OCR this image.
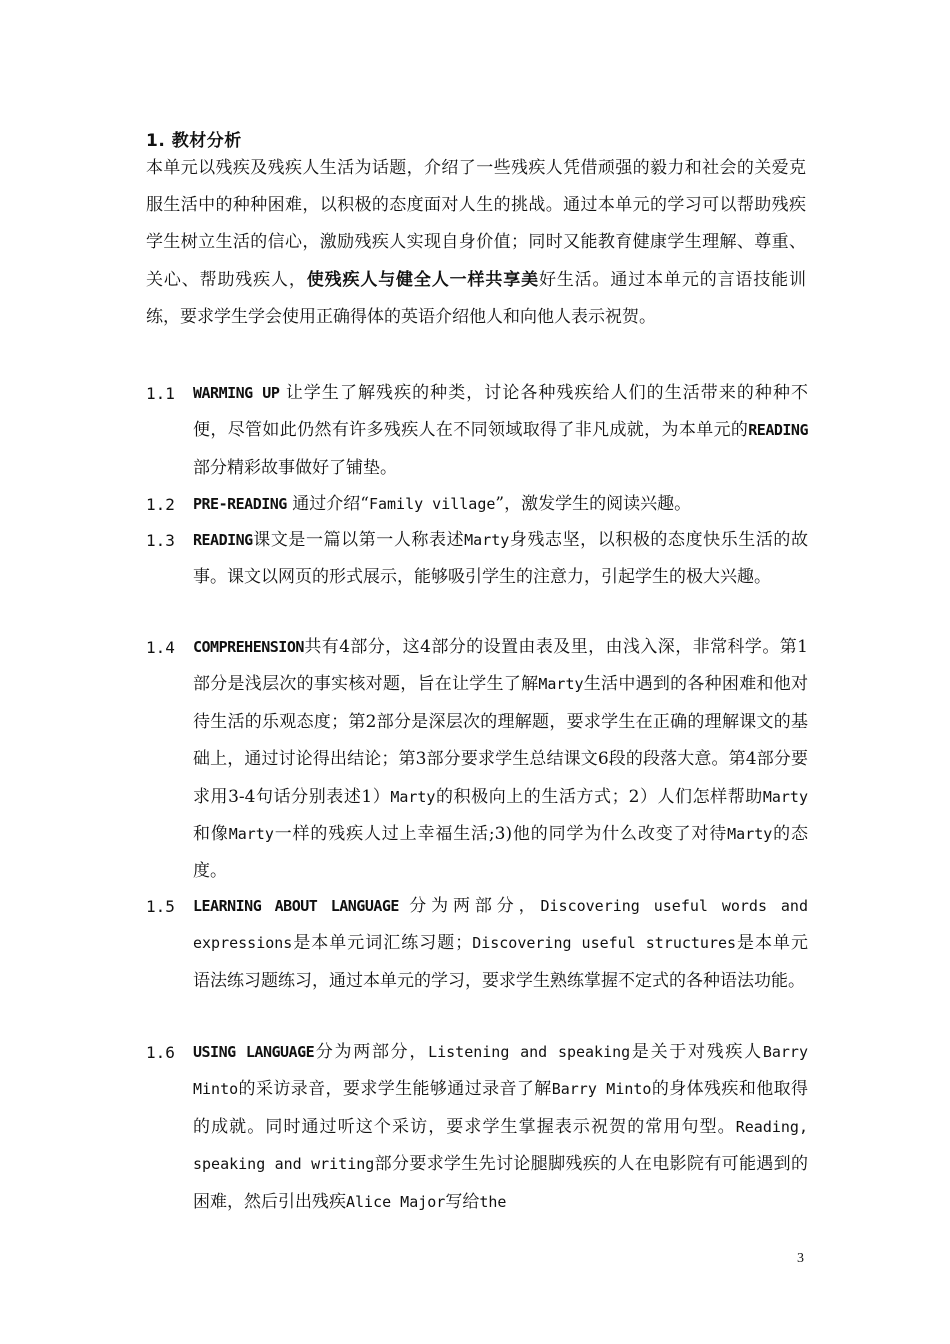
1. 教材分析
本单元以残疾及残疾人生活为话题，介绍了一些残疾人凭借顽强的毅力和社会的关爱克服生活中的种种困难，以积极的态度面对人生的挑战。通过本单元的学习可以帮助残疾学生树立生活的信心，激励残疾人实现自身价值；同时又能教育健康学生理解、尊重、关心、帮助残疾人，使残疾人与健全人一样共享美好生活。通过本单元的言语技能训练，要求学生学会使用正确得体的英语介绍他人和向他人表示祝贺。
1.1 WARMING UP 让学生了解残疾的种类，讨论各种残疾给人们的生活带来的种种不便，尽管如此仍然有许多残疾人在不同领域取得了非凡成就，为本单元的READING部分精彩故事做好了铺垫。
1.2 PRE-READING 通过介绍“Family village”，激发学生的阅读兴趣。
1.3 READING课文是一篇以第一人称表述Marty身残志坚，以积极的态度快乐生活的故事。课文以网页的形式展示，能够吸引学生的注意力，引起学生的极大兴趣。
1.4 COMPREHENSION共有4部分，这4部分的设置由表及里，由浅入深，非常科学。第1部分是浅层次的事实核对题，旨在让学生了解Marty生活中遇到的各种困难和他对待生活的乐观态度；第2部分是深层次的理解题，要求学生在正确的理解课文的基础上，通过讨论得出结论；第3部分要求学生总结课文6段的段落大意。第4部分要求用3-4句话分别表述1）Marty的积极向上的生活方式；2）人们怎样帮助Marty和像Marty一样的残疾人过上幸福生活;3)他的同学为什么改变了对待Marty的态度。
1.5 LEARNING ABOUT LANGUAGE 分为两部分，Discovering useful words and expressions是本单元词汇练习题；Discovering useful structures是本单元语法练习题练习，通过本单元的学习，要求学生熟练掌握不定式的各种语法功能。
1.6 USING LANGUAGE分为两部分，Listening and speaking是关于对残疾人Barry Minto的采访录音，要求学生能够通过录音了解Barry Minto的身体残疾和他取得的成就。同时通过听这个采访，要求学生掌握表示祝贺的常用句型。Reading, speaking and writing部分要求学生先讨论腿脚残疾的人在电影院有可能遇到的困难，然后引出残疾Alice Major写给the
3
